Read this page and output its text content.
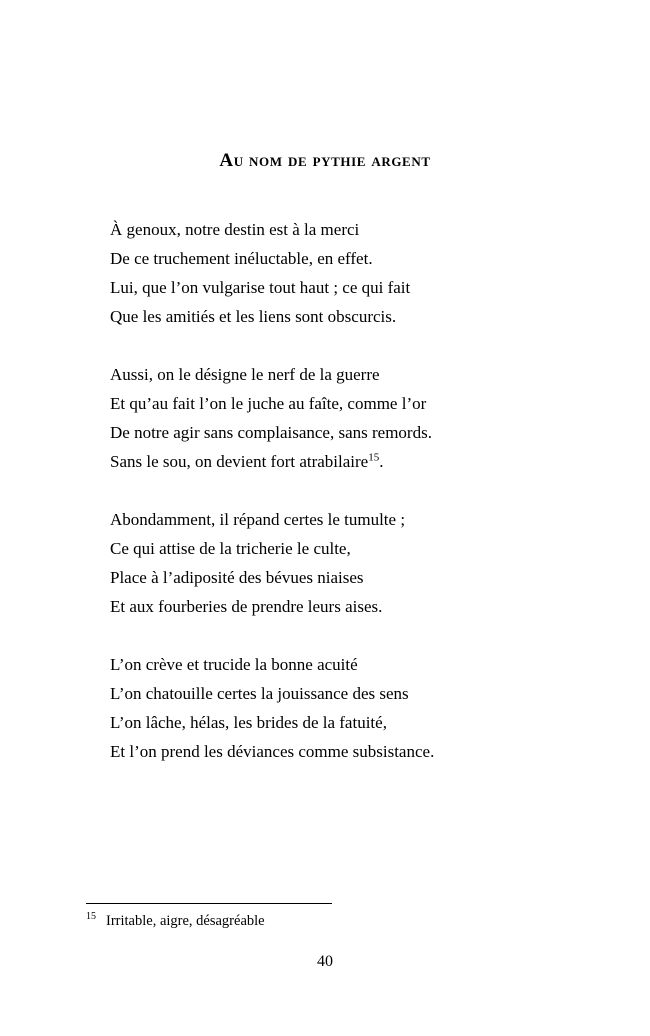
Au nom de pythie argent
À genoux, notre destin est à la merci
De ce truchement inéluctable, en effet.
Lui, que l’on vulgarise tout haut ; ce qui fait
Que les amitiés et les liens sont obscurcis.
Aussi, on le désigne le nerf de la guerre
Et qu’au fait l’on le juche au faîte, comme l’or
De notre agir sans complaisance, sans remords.
Sans le sou, on devient fort atrabilaire$^{15}$.
Abondamment, il répand certes le tumulte ;
Ce qui attise de la tricherie le culte,
Place à l’adiposité des bévues niaises
Et aux fourberies de prendre leurs aises.
L’on crève et trucide la bonne acuité
L’on chatouille certes la jouissance des sens
L’on lâche, hélas, les brides de la fatuité,
Et l’on prend les déviances comme subsistance.
$^{15}$ Irritable, aigre, désagréable
40
